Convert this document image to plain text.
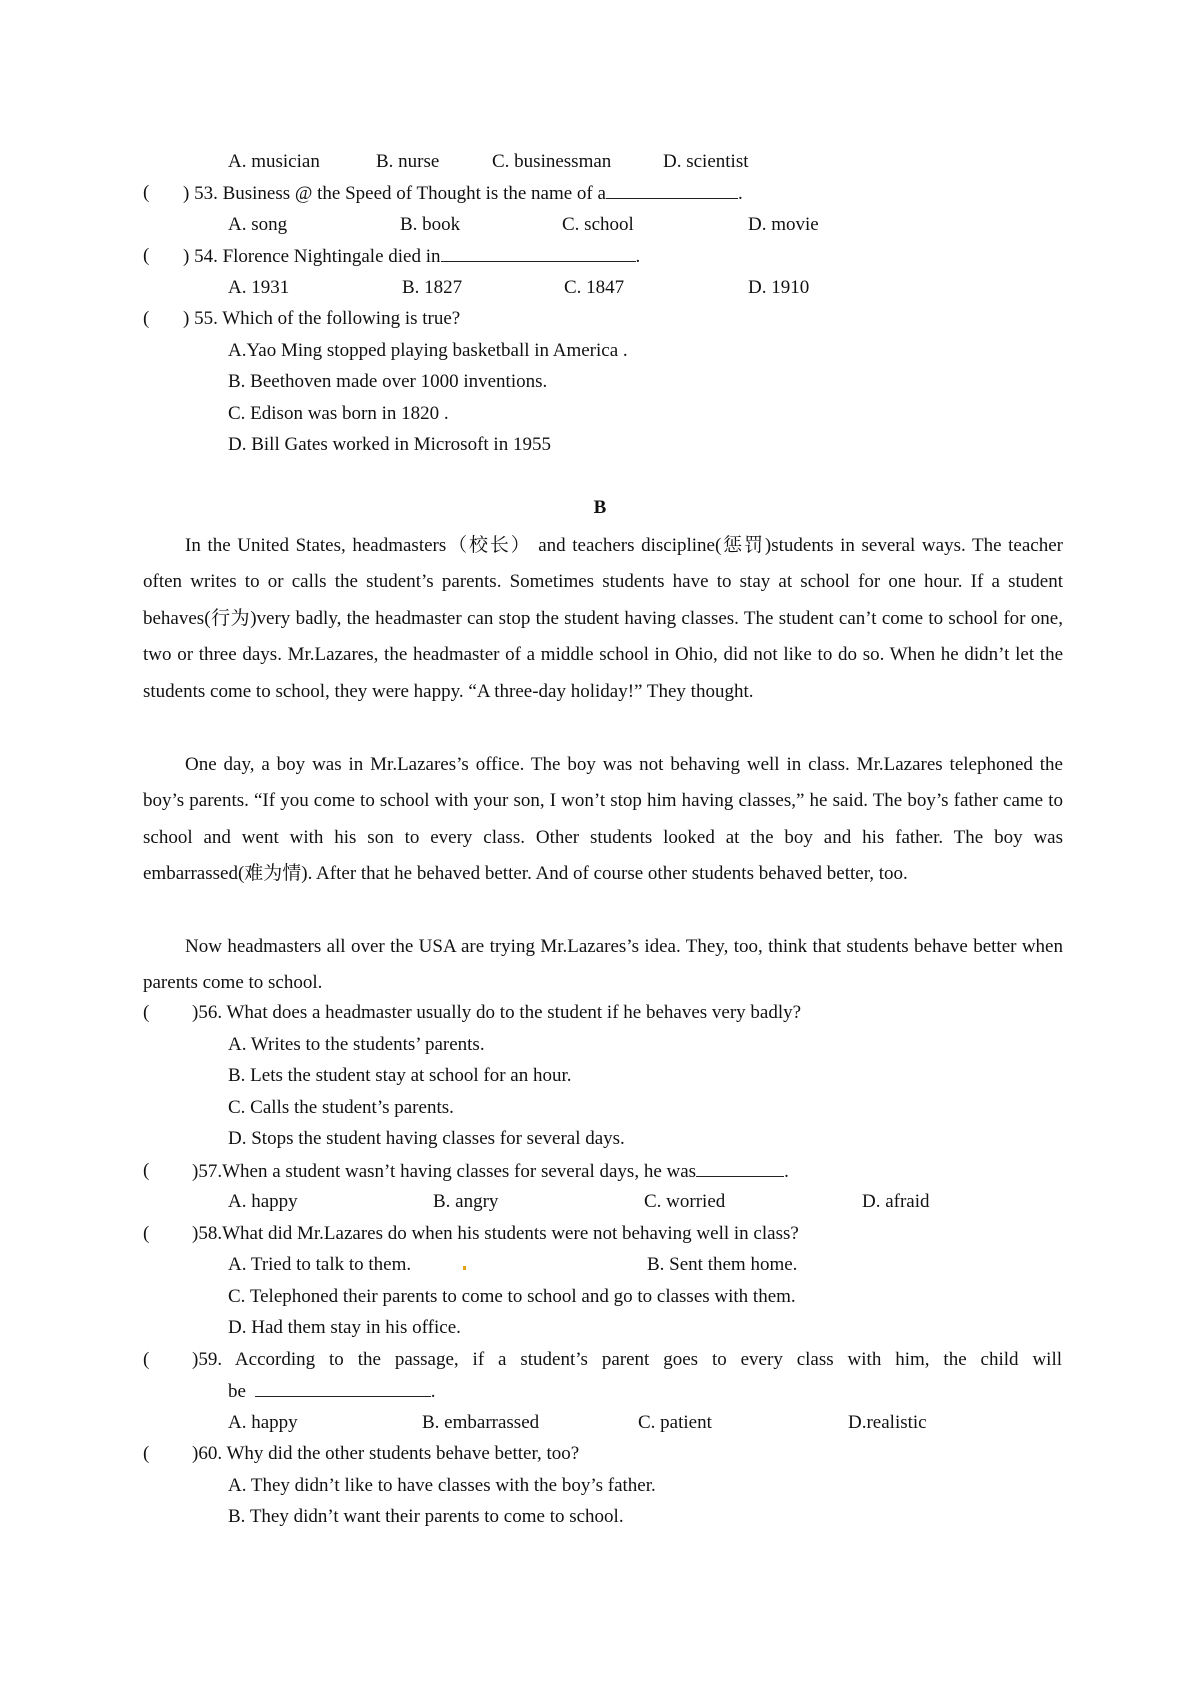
A. musician	B. nurse	C. businessman	D. scientist
( ) 53. Business @ the Speed of Thought is the name of a	.
A. song	B. book	C. school	D. movie
( ) 54. Florence Nightingale died in	.
A. 1931	B. 1827	C. 1847	D. 1910
( ) 55. Which of the following is true?
A.Yao Ming stopped playing basketball in America .
B. Beethoven made over 1000 inventions.
C. Edison was born in 1820 .
D. Bill Gates worked in Microsoft in 1955
B
In the United States, headmasters（校长） and teachers discipline(惩罚)students in several ways. The teacher often writes to or calls the student’s parents. Sometimes students have to stay at school for one hour. If a student behaves(行为)very badly, the headmaster can stop the student having classes. The student can’t come to school for one, two or three days. Mr.Lazares, the headmaster of a middle school in Ohio, did not like to do so. When he didn’t let the students come to school, they were happy. “A three-day holiday!” They thought.
One day, a boy was in Mr.Lazares’s office. The boy was not behaving well in class. Mr.Lazares telephoned the boy’s parents. “If you come to school with your son, I won’t stop him having classes,” he said. The boy’s father came to school and went with his son to every class. Other students looked at the boy and his father. The boy was embarrassed(难为情). After that he behaved better. And of course other students behaved better, too.
Now headmasters all over the USA are trying Mr.Lazares’s idea. They, too, think that students behave better when parents come to school.
( )56. What does a headmaster usually do to the student if he behaves very badly?
A. Writes to the students’ parents.
B. Lets the student stay at school for an hour.
C. Calls the student’s parents.
D. Stops the student having classes for several days.
( )57.When a student wasn’t having classes for several days, he was	.
A. happy	B. angry	C. worried	D. afraid
( )58.What did Mr.Lazares do when his students were not behaving well in class?
A. Tried to talk to them.	B. Sent them home.
C. Telephoned their parents to come to school and go to classes with them.
D. Had them stay in his office.
( )59. According to the passage, if a student’s parent goes to every class with him, the child will
be	.
A. happy	B. embarrassed	C. patient	D.realistic
( )60. Why did the other students behave better, too?
A. They didn’t like to have classes with the boy’s father.
B. They didn’t want their parents to come to school.
